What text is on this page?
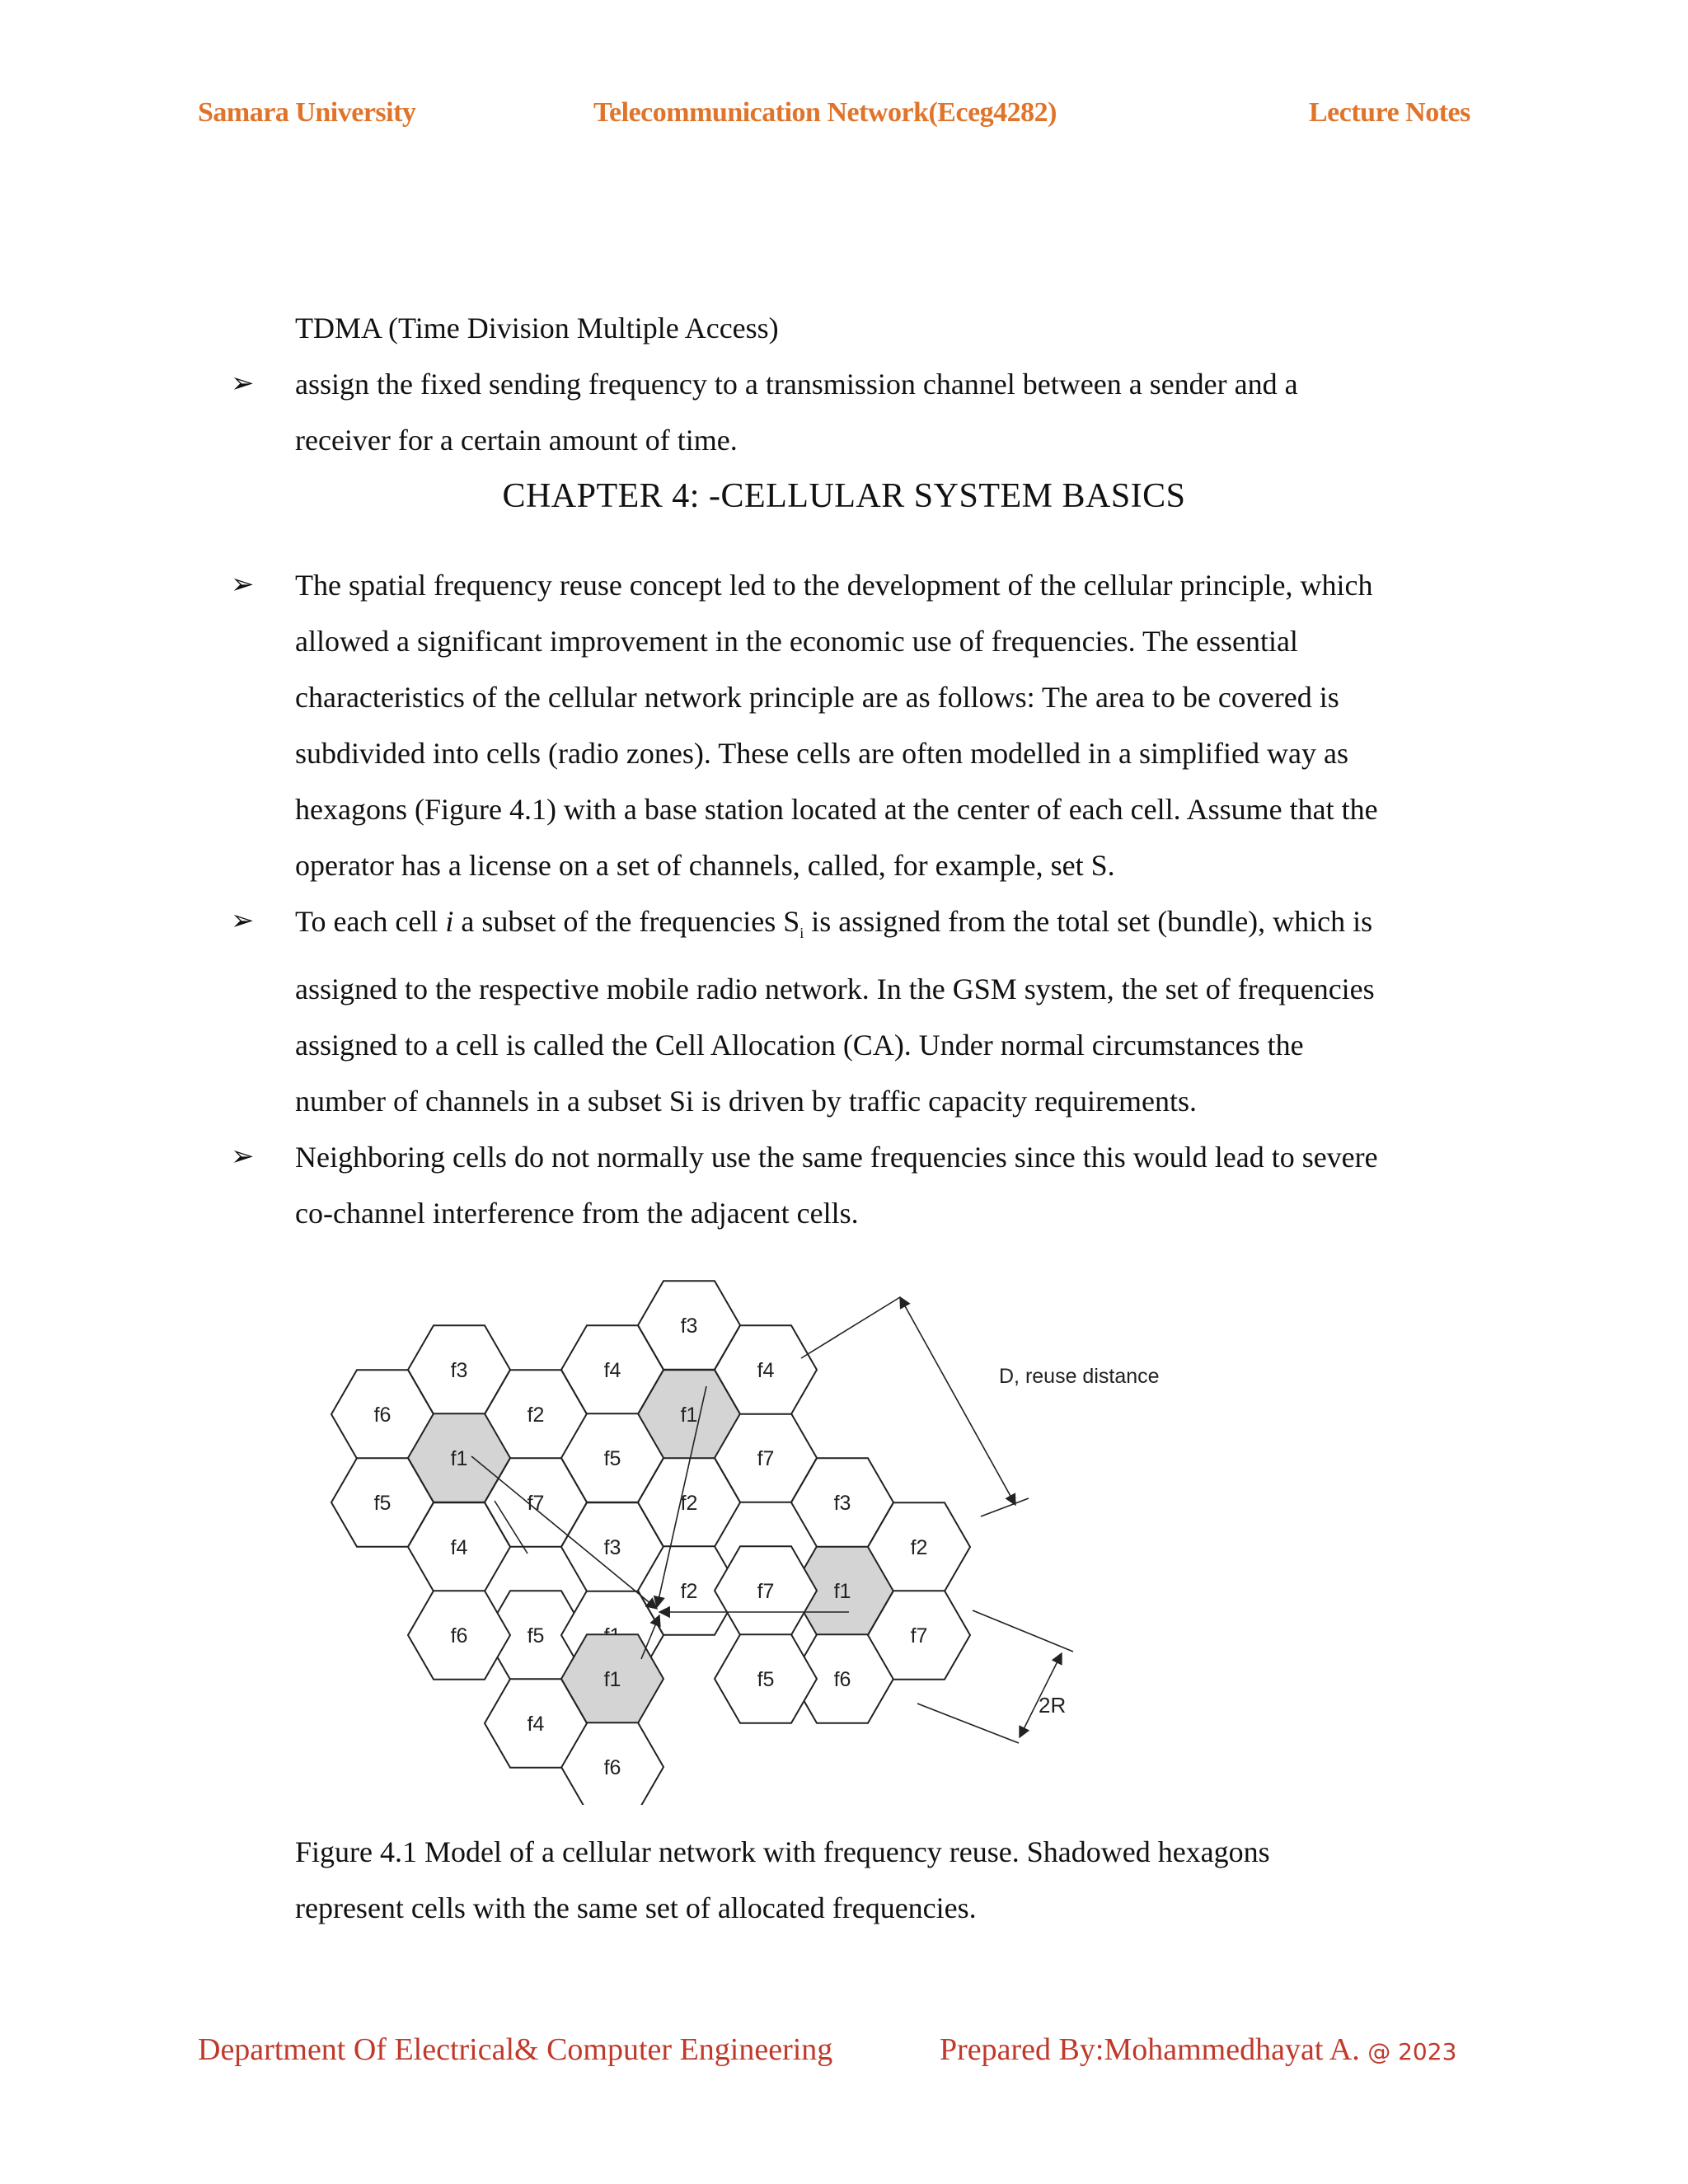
Samara University	Telecommunication Network(Eceg4282)	Lecture Notes
TDMA (Time Division Multiple Access)
➢	assign the fixed sending frequency to a transmission channel between a sender and a
receiver for a certain amount of time.
CHAPTER 4: -CELLULAR SYSTEM BASICS
➢	The spatial frequency reuse concept led to the development of the cellular principle, which
allowed a significant improvement in the economic use of frequencies. The essential
characteristics of the cellular network principle are as follows: The area to be covered is
subdivided into cells (radio zones). These cells are often modelled in a simplified way as
hexagons (Figure 4.1) with a base station located at the center of each cell. Assume that the
operator has a license on a set of channels, called, for example, set S.
➢	To each cell i a subset of the frequencies $S_i$ is assigned from the total set (bundle), which is
assigned to the respective mobile radio network. In the GSM system, the set of frequencies
assigned to a cell is called the Cell Allocation (CA). Under normal circumstances the
number of channels in a subset Si is driven by traffic capacity requirements.
➢	Neighboring cells do not normally use the same frequencies since this would lead to severe
co-channel interference from the adjacent cells.
f3
f2
f4
f3
f1
f7
f5
f4
f6
f1
f5	f7
f4
f2
f5
f6
f3
f2	f1
f6
f7
f3
f5
f1
f6
f4
f2
f7
D, reuse distance
2R
Figure 4.1 Model of a cellular network with frequency reuse. Shadowed hexagons
represent cells with the same set of allocated frequencies.
Department Of Electrical& Computer Engineering	Prepared By:Mohammedhayat A. @ 2023
